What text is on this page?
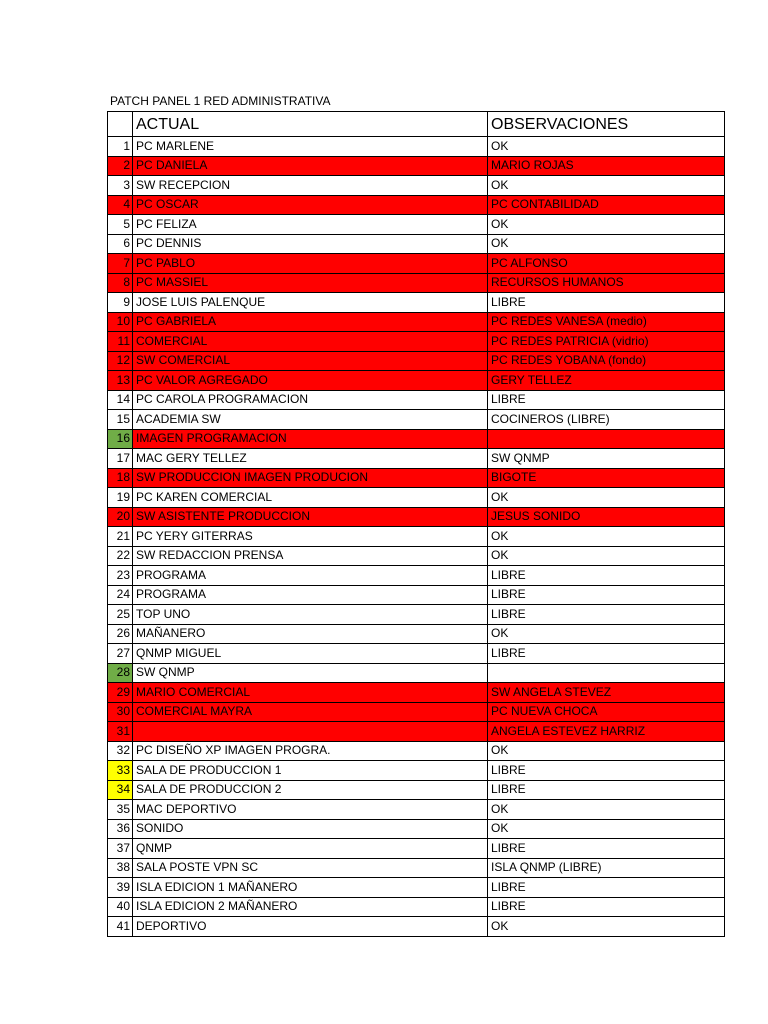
PATCH PANEL 1 RED ADMINISTRATIVA
	ACTUAL	OBSERVACIONES
1	PC MARLENE	OK
2	PC DANIELA	MARIO ROJAS
3	SW RECEPCION	OK
4	PC OSCAR	PC CONTABILIDAD
5	PC FELIZA	OK
6	PC DENNIS	OK
7	PC PABLO	PC ALFONSO
8	PC MASSIEL	RECURSOS HUMANOS
9	JOSE LUIS PALENQUE	LIBRE
10	PC GABRIELA	PC REDES VANESA (medio)
11	COMERCIAL	PC REDES PATRICIA (vidrio)
12	SW COMERCIAL	PC REDES YOBANA (fondo)
13	PC VALOR AGREGADO	GERY TELLEZ
14	PC CAROLA PROGRAMACION	LIBRE
15	ACADEMIA SW	COCINEROS (LIBRE)
16	IMAGEN PROGRAMACION	
17	MAC GERY TELLEZ	SW QNMP
18	SW PRODUCCION IMAGEN PRODUCION	BIGOTE
19	PC KAREN COMERCIAL	OK
20	SW ASISTENTE PRODUCCION	JESUS SONIDO
21	PC YERY GITERRAS	OK
22	SW REDACCION PRENSA	OK
23	PROGRAMA	LIBRE
24	PROGRAMA	LIBRE
25	TOP UNO	LIBRE
26	MAÑANERO	OK
27	QNMP MIGUEL	LIBRE
28	SW QNMP	
29	MARIO COMERCIAL	SW ANGELA STEVEZ
30	COMERCIAL MAYRA	PC NUEVA CHOCA
31		ANGELA ESTEVEZ HARRIZ
32	PC DISEÑO XP IMAGEN PROGRA.	OK
33	SALA DE PRODUCCION 1	LIBRE
34	SALA DE PRODUCCION 2	LIBRE
35	MAC DEPORTIVO	OK
36	SONIDO	OK
37	QNMP	LIBRE
38	SALA POSTE VPN SC	ISLA QNMP (LIBRE)
39	ISLA EDICION 1 MAÑANERO	LIBRE
40	ISLA EDICION 2 MAÑANERO	LIBRE
41	DEPORTIVO	OK
